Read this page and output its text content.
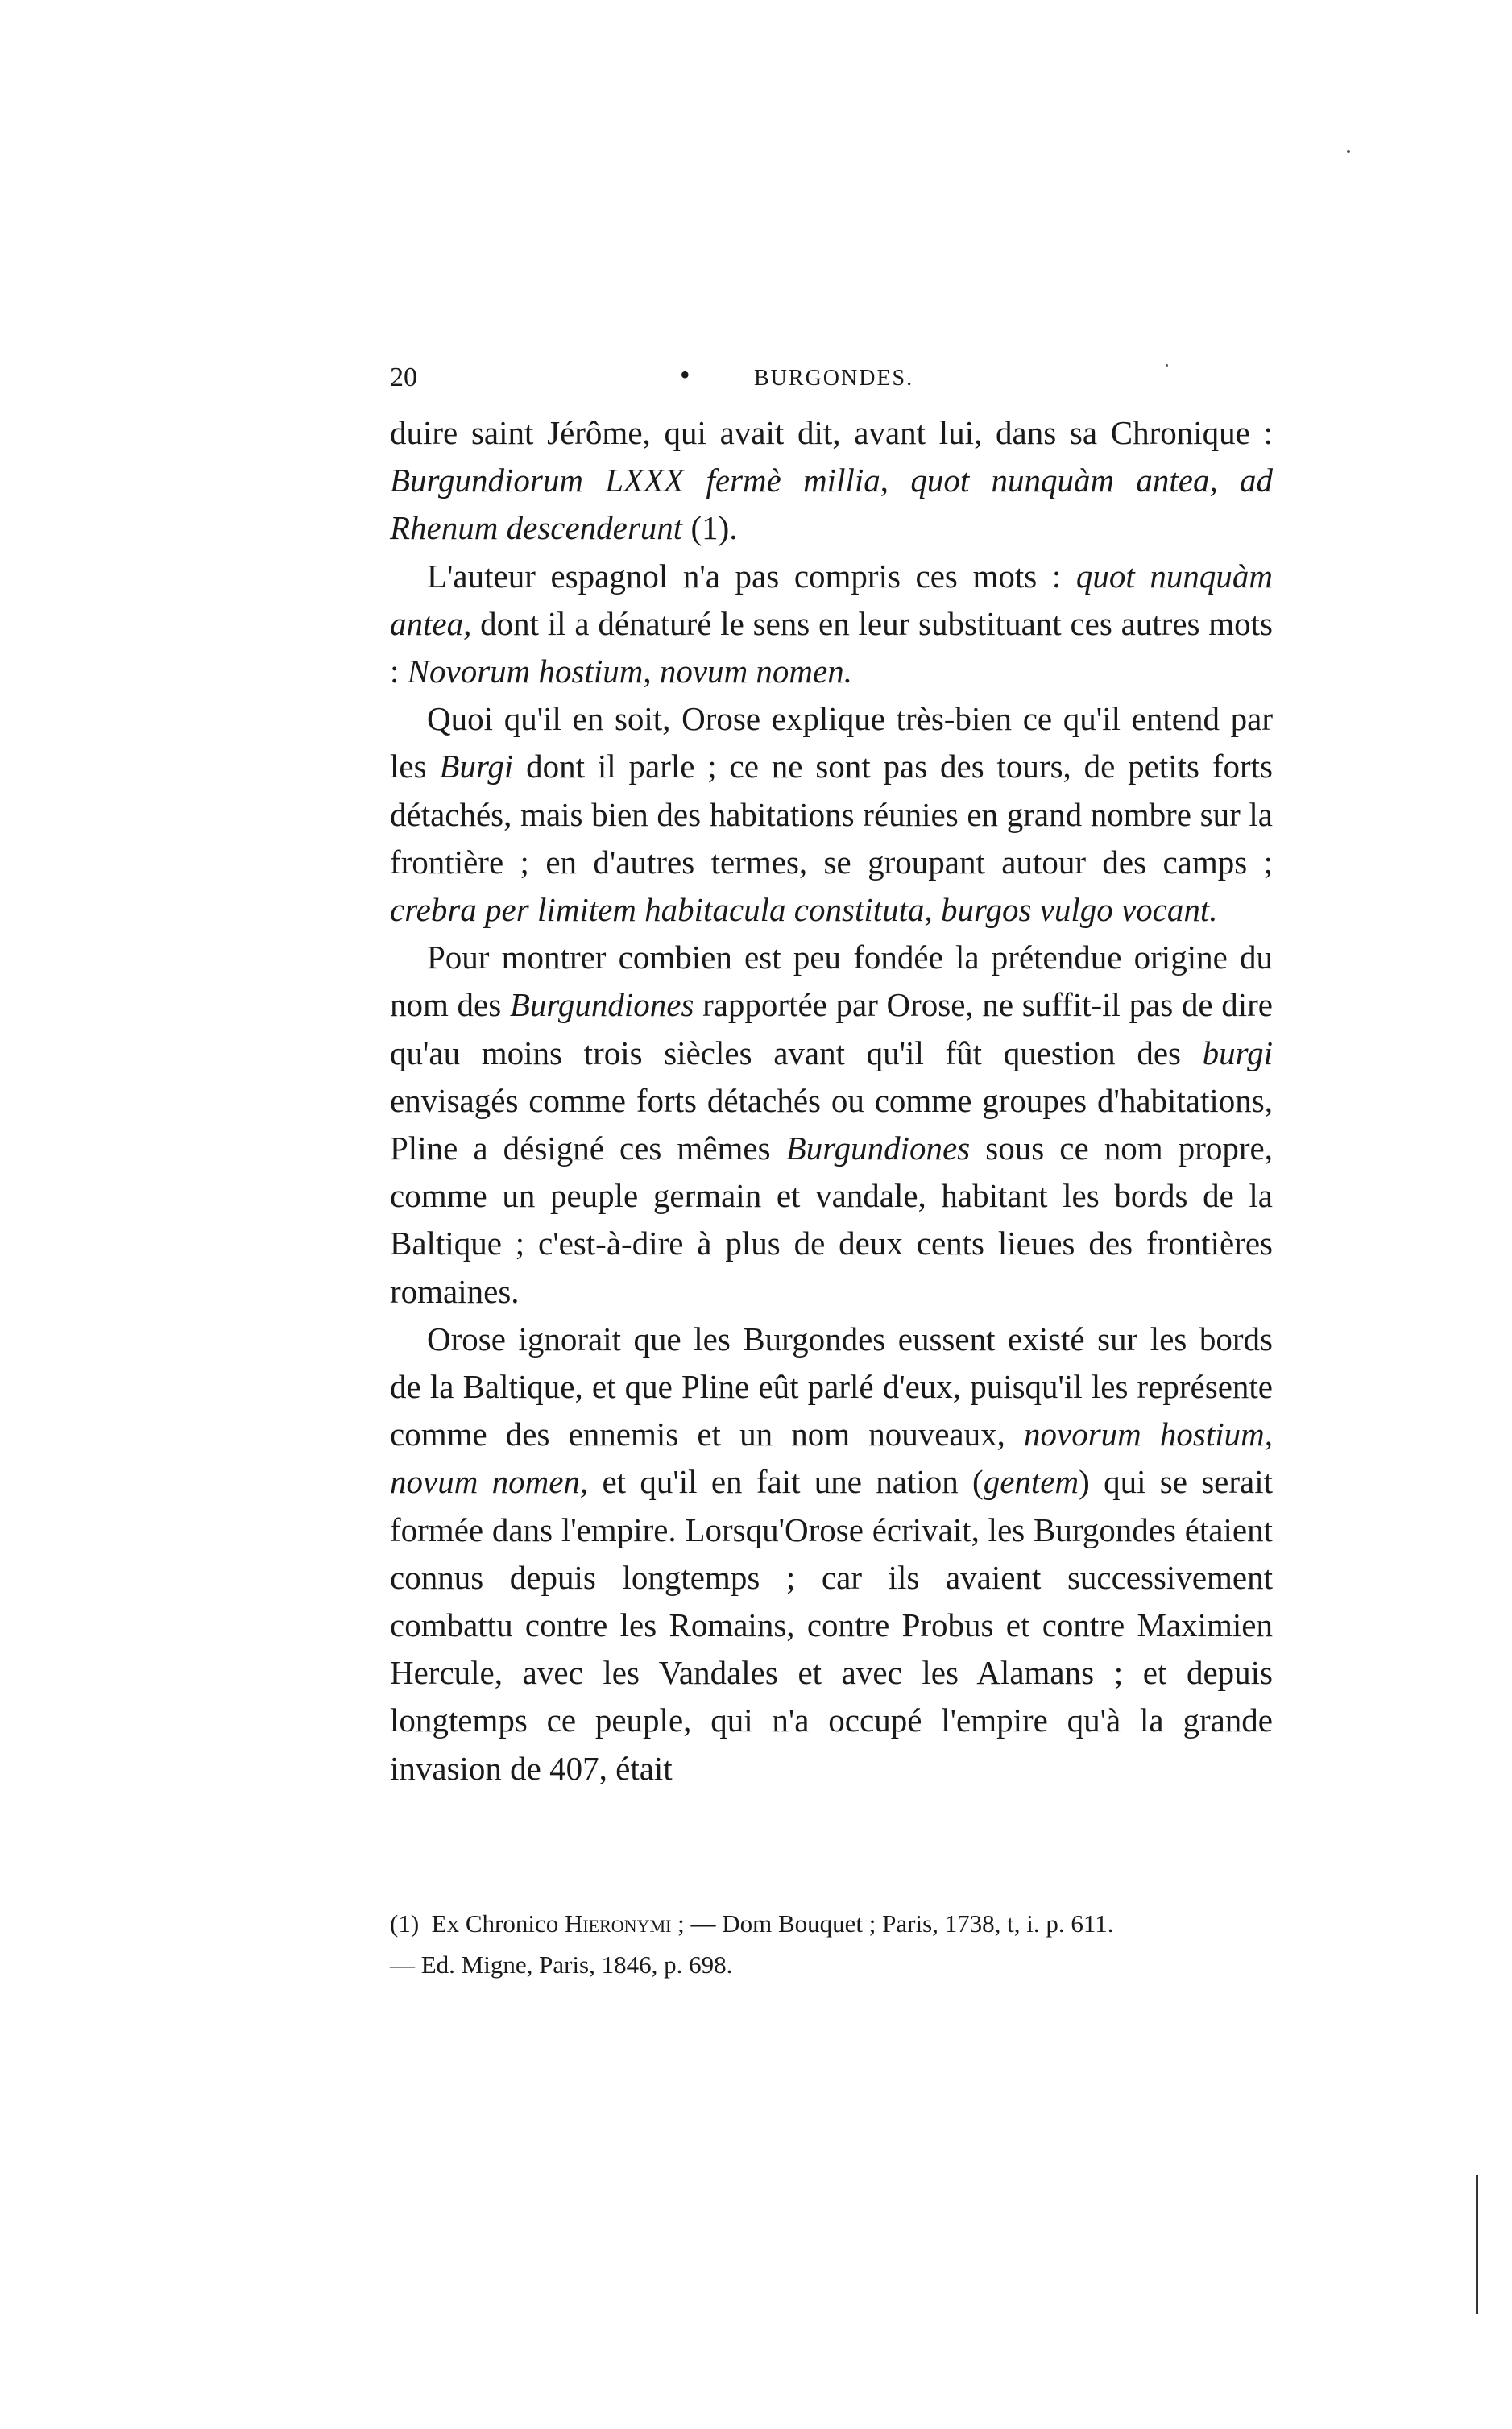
20	•	BURGONDES.

duire saint Jérôme, qui avait dit, avant lui, dans sa Chronique : Burgundiorum LXXX fermè millia, quot nunquàm antea, ad Rhenum descenderunt (1).

L'auteur espagnol n'a pas compris ces mots : quot nunquàm antea, dont il a dénaturé le sens en leur substituant ces autres mots : Novorum hostium, novum nomen.

Quoi qu'il en soit, Orose explique très-bien ce qu'il entend par les Burgi dont il parle ; ce ne sont pas des tours, de petits forts détachés, mais bien des habitations réunies en grand nombre sur la frontière ; en d'autres termes, se groupant autour des camps ; crebra per limitem habitacula constituta, burgos vulgo vocant.

Pour montrer combien est peu fondée la prétendue origine du nom des Burgundiones rapportée par Orose, ne suffit-il pas de dire qu'au moins trois siècles avant qu'il fût question des burgi envisagés comme forts détachés ou comme groupes d'habitations, Pline a désigné ces mêmes Burgundiones sous ce nom propre, comme un peuple germain et vandale, habitant les bords de la Baltique ; c'est-à-dire à plus de deux cents lieues des frontières romaines.

Orose ignorait que les Burgondes eussent existé sur les bords de la Baltique, et que Pline eût parlé d'eux, puisqu'il les représente comme des ennemis et un nom nouveaux, novorum hostium, novum nomen, et qu'il en fait une nation (gentem) qui se serait formée dans l'empire. Lorsqu'Orose écrivait, les Burgondes étaient connus depuis longtemps ; car ils avaient successivement combattu contre les Romains, contre Probus et contre Maximien Hercule, avec les Vandales et avec les Alamans ; et depuis longtemps ce peuple, qui n'a occupé l'empire qu'à la grande invasion de 407, était

(1) Ex Chronico Hieronymi ; — Dom Bouquet ; Paris, 1738, t, i. p. 611.
— Ed. Migne, Paris, 1846, p. 698.
